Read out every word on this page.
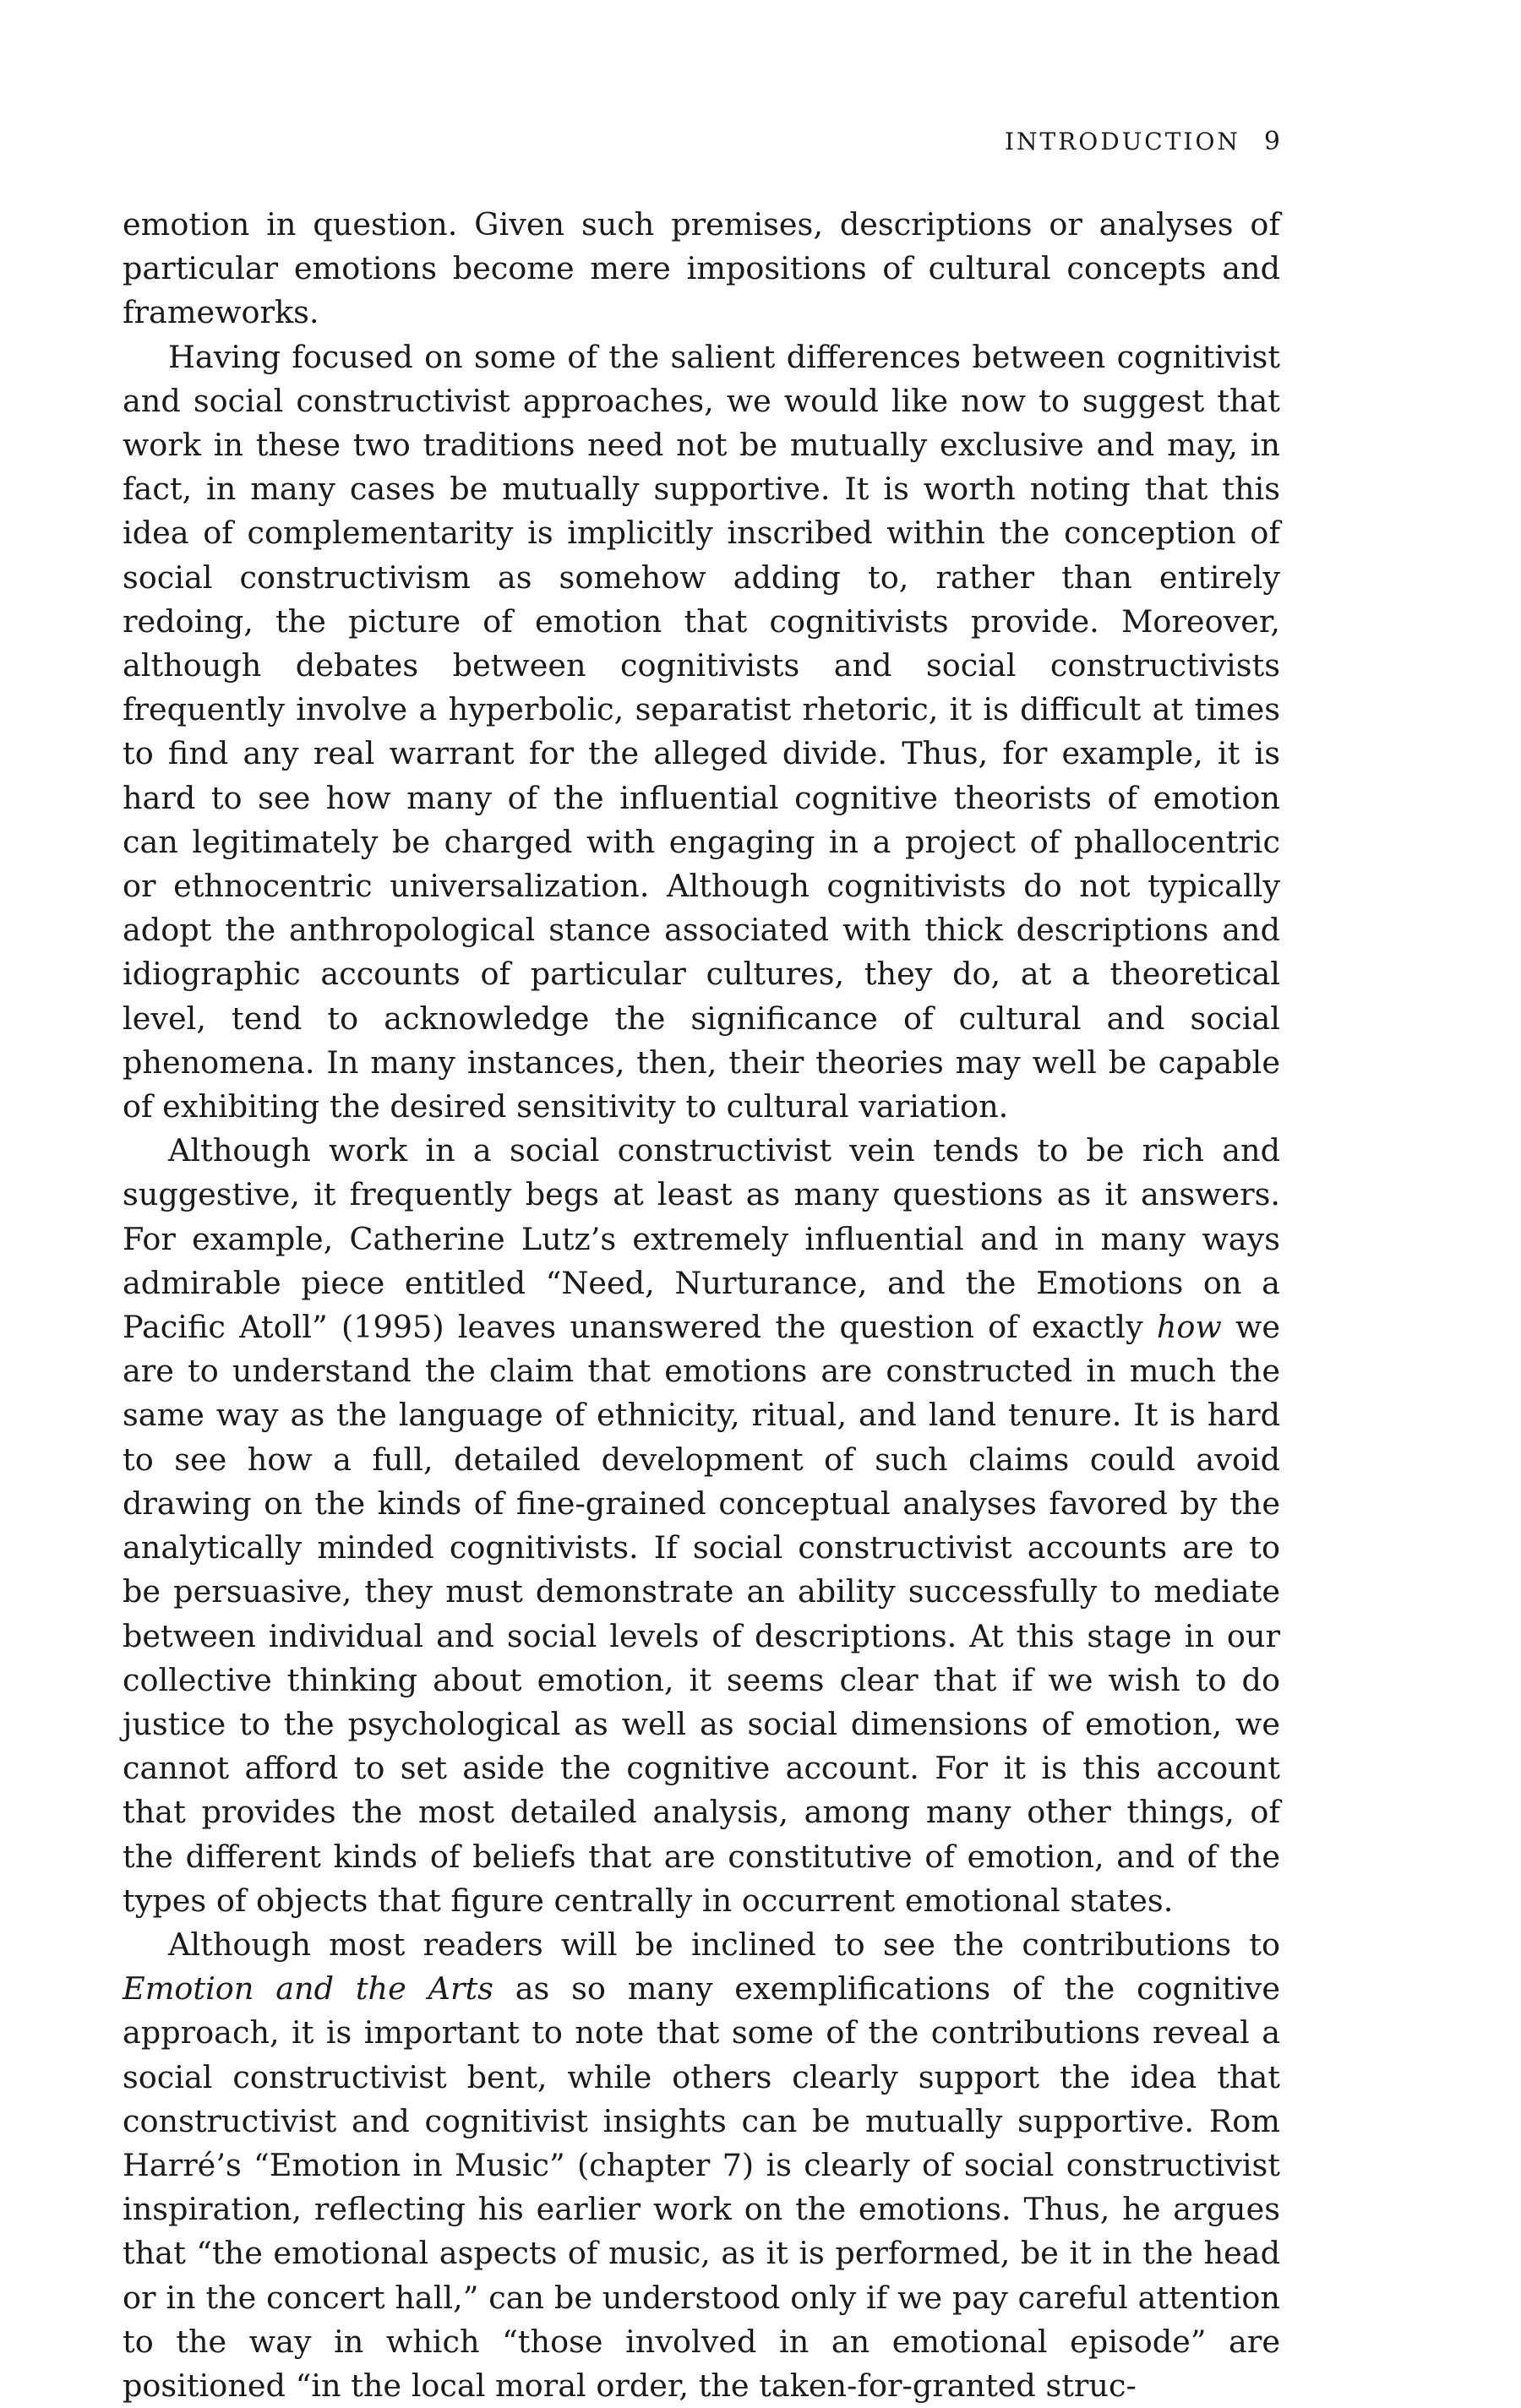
INTRODUCTION 9

emotion in question. Given such premises, descriptions or analyses of particular emotions become mere impositions of cultural concepts and frameworks.

Having focused on some of the salient differences between cognitivist and social constructivist approaches, we would like now to suggest that work in these two traditions need not be mutually exclusive and may, in fact, in many cases be mutually supportive. It is worth noting that this idea of complementarity is implicitly inscribed within the conception of social constructivism as somehow adding to, rather than entirely redoing, the picture of emotion that cognitivists provide. Moreover, although debates between cognitivists and social constructivists frequently involve a hyperbolic, separatist rhetoric, it is difficult at times to find any real warrant for the alleged divide. Thus, for example, it is hard to see how many of the influential cognitive theorists of emotion can legitimately be charged with engaging in a project of phallocentric or ethnocentric universalization. Although cognitivists do not typically adopt the anthropological stance associated with thick descriptions and idiographic accounts of particular cultures, they do, at a theoretical level, tend to acknowledge the significance of cultural and social phenomena. In many instances, then, their theories may well be capable of exhibiting the desired sensitivity to cultural variation.

Although work in a social constructivist vein tends to be rich and suggestive, it frequently begs at least as many questions as it answers. For example, Catherine Lutz’s extremely influential and in many ways admirable piece entitled “Need, Nurturance, and the Emotions on a Pacific Atoll” (1995) leaves unanswered the question of exactly how we are to understand the claim that emotions are constructed in much the same way as the language of ethnicity, ritual, and land tenure. It is hard to see how a full, detailed development of such claims could avoid drawing on the kinds of fine-grained conceptual analyses favored by the analytically minded cognitivists. If social constructivist accounts are to be persuasive, they must demonstrate an ability successfully to mediate between individual and social levels of descriptions. At this stage in our collective thinking about emotion, it seems clear that if we wish to do justice to the psychological as well as social dimensions of emotion, we cannot afford to set aside the cognitive account. For it is this account that provides the most detailed analysis, among many other things, of the different kinds of beliefs that are constitutive of emotion, and of the types of objects that figure centrally in occurrent emotional states.

Although most readers will be inclined to see the contributions to Emotion and the Arts as so many exemplifications of the cognitive approach, it is important to note that some of the contributions reveal a social constructivist bent, while others clearly support the idea that constructivist and cognitivist insights can be mutually supportive. Rom Harré’s “Emotion in Music” (chapter 7) is clearly of social constructivist inspiration, reflecting his earlier work on the emotions. Thus, he argues that “the emotional aspects of music, as it is performed, be it in the head or in the concert hall,” can be understood only if we pay careful attention to the way in which “those involved in an emotional episode” are positioned “in the local moral order, the taken-for-granted struc-
